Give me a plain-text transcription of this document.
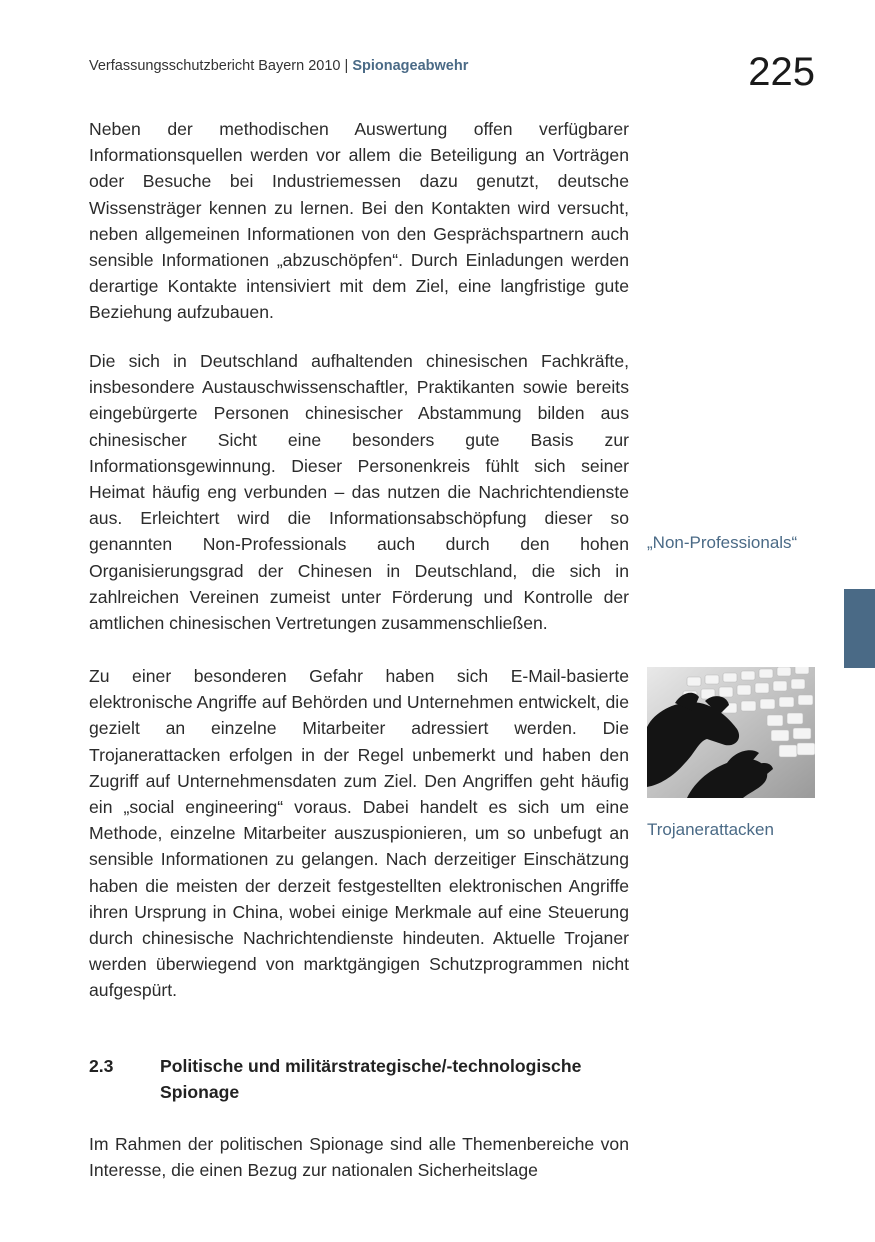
Verfassungsschutzbericht Bayern 2010 | Spionageabwehr	225

Neben der methodischen Auswertung offen verfügbarer Informationsquellen werden vor allem die Beteiligung an Vorträgen oder Besuche bei Industriemessen dazu genutzt, deutsche Wissensträger kennen zu lernen. Bei den Kontakten wird versucht, neben allgemeinen Informationen von den Gesprächspartnern auch sensible Informationen „abzuschöpfen“. Durch Einladungen werden derartige Kontakte intensiviert mit dem Ziel, eine langfristige gute Beziehung aufzubauen.

Die sich in Deutschland aufhaltenden chinesischen Fachkräfte, insbesondere Austauschwissenschaftler, Praktikanten sowie bereits eingebürgerte Personen chinesischer Abstammung bilden aus chinesischer Sicht eine besonders gute Basis zur Informationsgewinnung. Dieser Personenkreis fühlt sich seiner Heimat häufig eng verbunden – das nutzen die Nachrichtendienste aus. Erleichtert wird die Informationsabschöpfung dieser so genannten Non-Professionals auch durch den hohen Organisierungsgrad der Chinesen in Deutschland, die sich in zahlreichen Vereinen zumeist unter Förderung und Kontrolle der amtlichen chinesischen Vertretungen zusammenschließen.

Zu einer besonderen Gefahr haben sich E-Mail-basierte elektronische Angriffe auf Behörden und Unternehmen entwickelt, die gezielt an einzelne Mitarbeiter adressiert werden. Die Trojanerattacken erfolgen in der Regel unbemerkt und haben den Zugriff auf Unternehmensdaten zum Ziel. Den Angriffen geht häufig ein „social engineering“ voraus. Dabei handelt es sich um eine Methode, einzelne Mitarbeiter auszuspionieren, um so unbefugt an sensible Informationen zu gelangen. Nach derzeitiger Einschätzung haben die meisten der derzeit festgestellten elektronischen Angriffe ihren Ursprung in China, wobei einige Merkmale auf eine Steuerung durch chinesische Nachrichtendienste hindeuten. Aktuelle Trojaner werden überwiegend von marktgängigen Schutzprogrammen nicht aufgespürt.

2.3	Politische und militärstrategische/-technologische Spionage

Im Rahmen der politischen Spionage sind alle Themenbereiche von Interesse, die einen Bezug zur nationalen Sicherheitslage

„Non-Professionals“
Trojanerattacken
